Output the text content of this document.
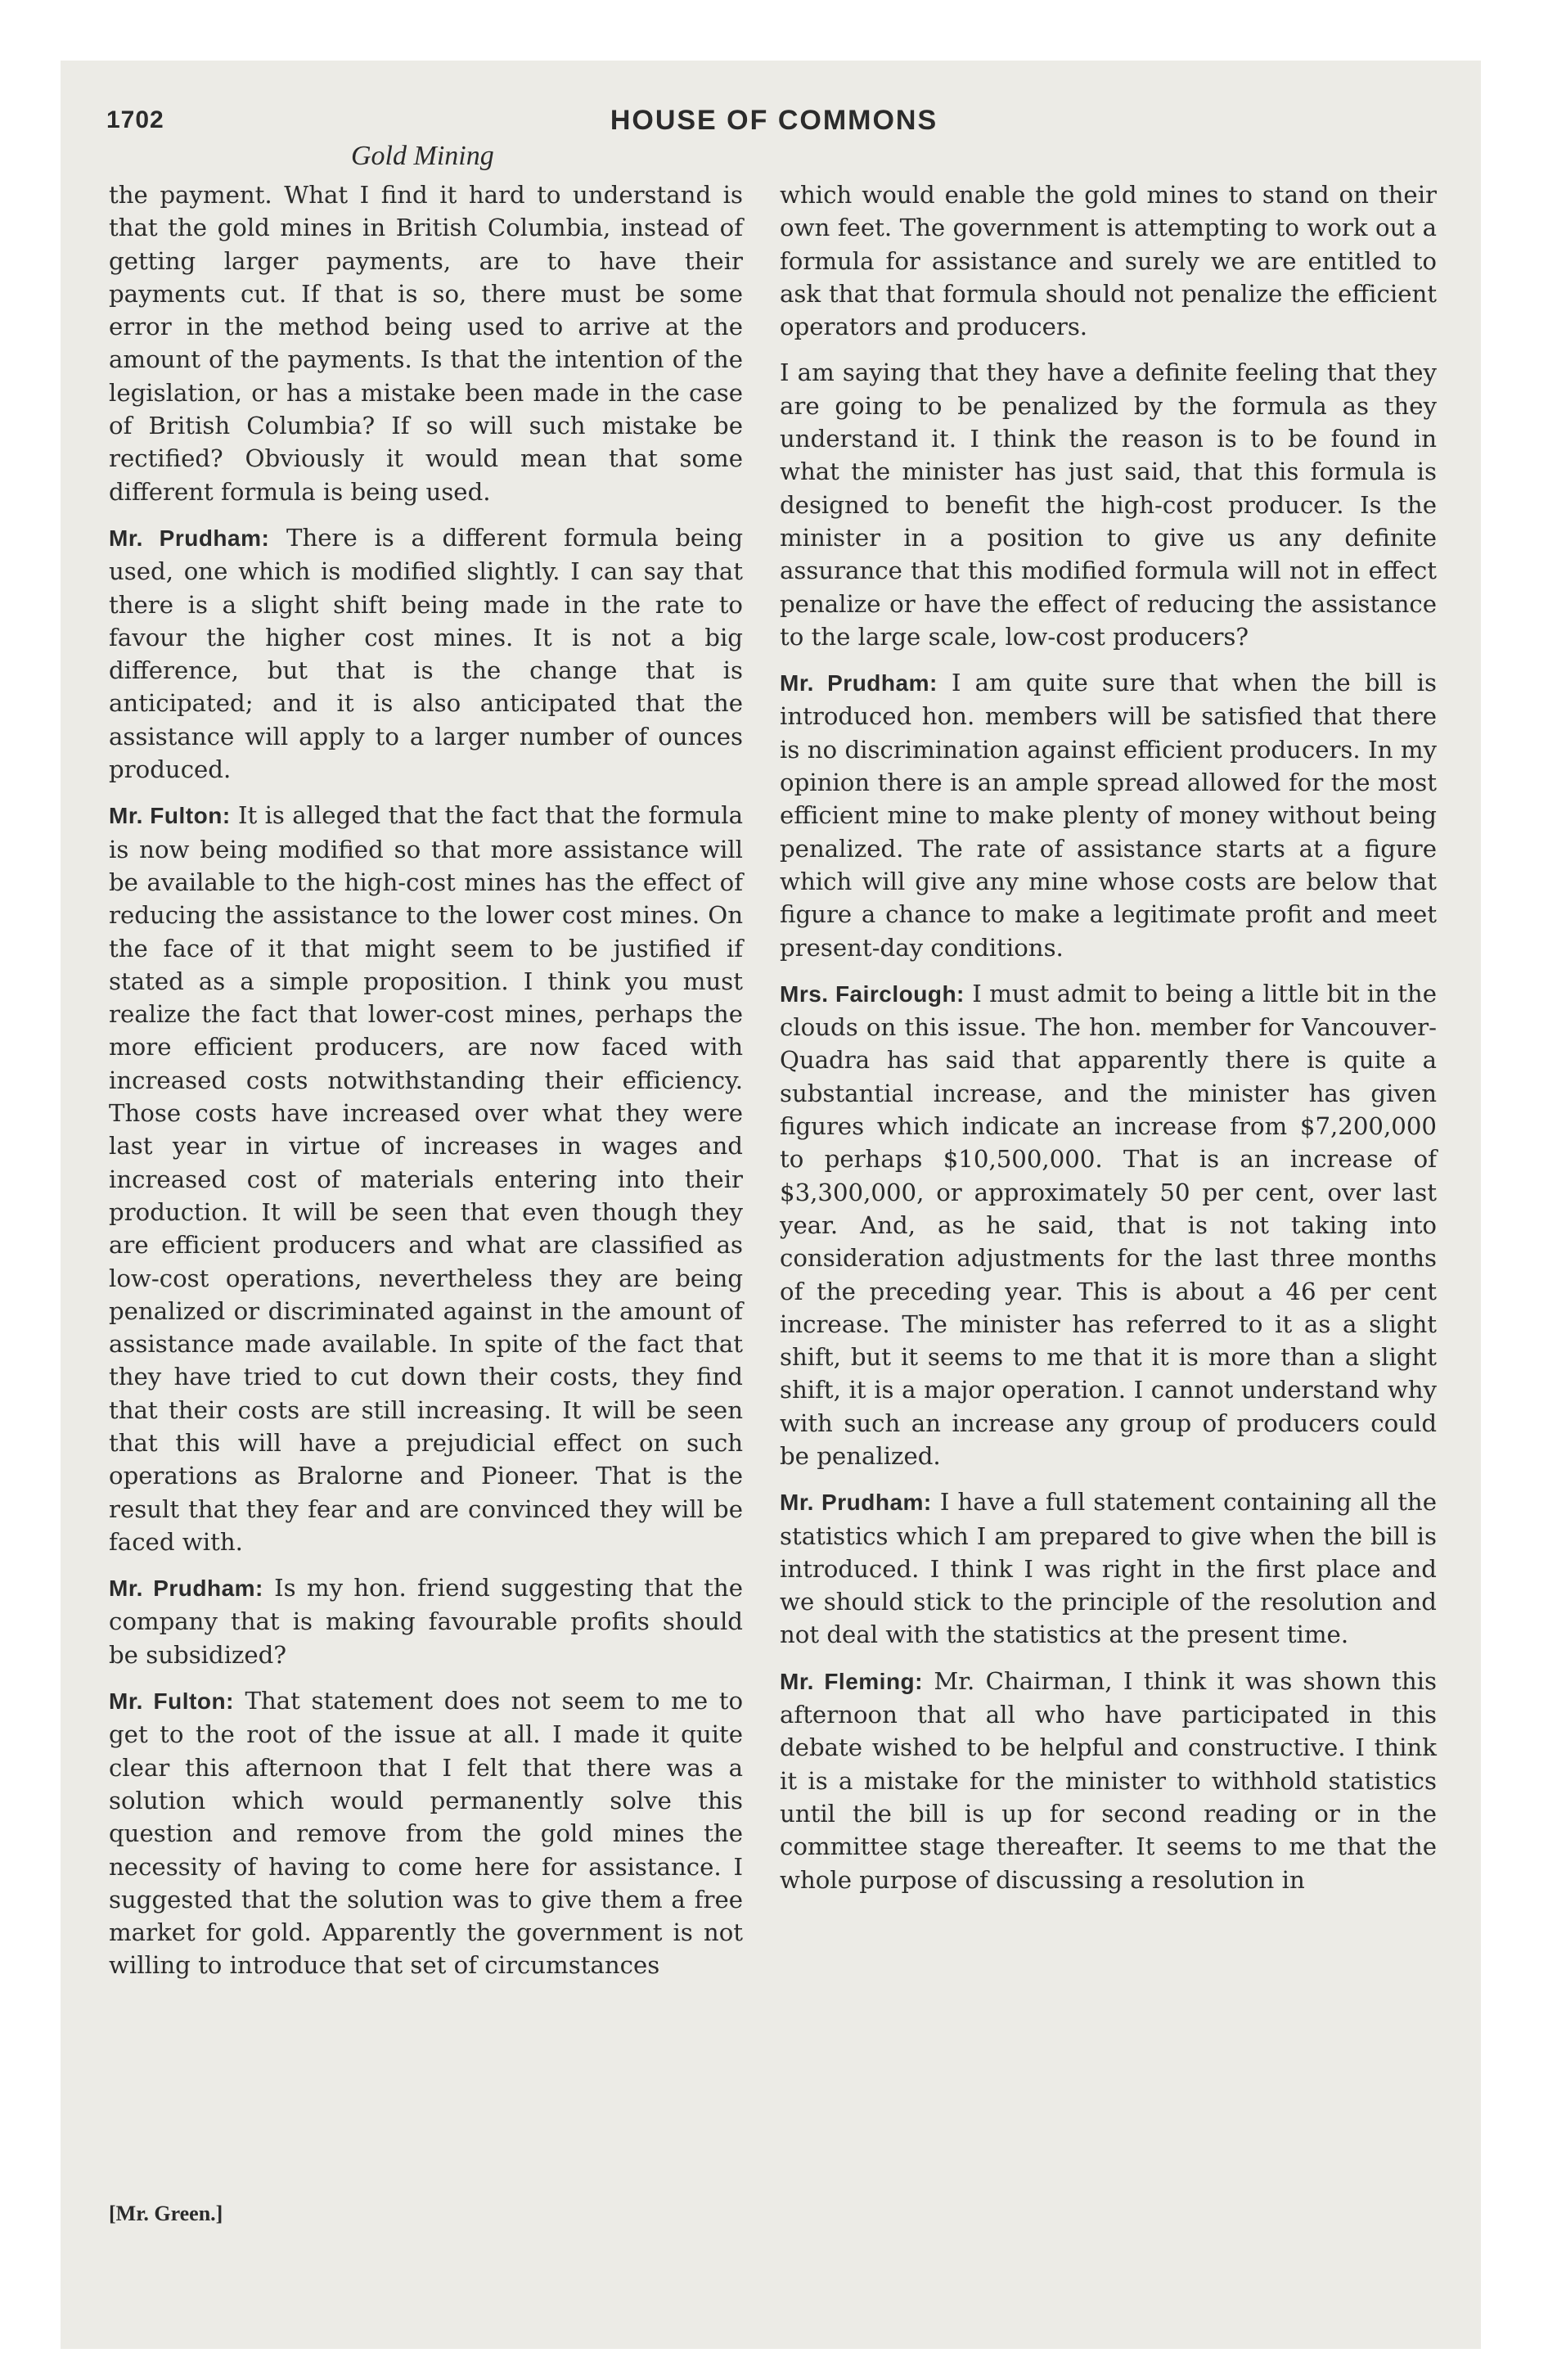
1702	HOUSE OF COMMONS
Gold Mining

the payment. What I find it hard to understand is that the gold mines in British Columbia, instead of getting larger payments, are to have their payments cut. If that is so, there must be some error in the method being used to arrive at the amount of the payments. Is that the intention of the legislation, or has a mistake been made in the case of British Columbia? If so will such mistake be rectified? Obviously it would mean that some different formula is being used.

Mr. Prudham: There is a different formula being used, one which is modified slightly. I can say that there is a slight shift being made in the rate to favour the higher cost mines. It is not a big difference, but that is the change that is anticipated; and it is also anticipated that the assistance will apply to a larger number of ounces produced.

Mr. Fulton: It is alleged that the fact that the formula is now being modified so that more assistance will be available to the high-cost mines has the effect of reducing the assistance to the lower cost mines. On the face of it that might seem to be justified if stated as a simple proposition. I think you must realize the fact that lower-cost mines, perhaps the more efficient producers, are now faced with increased costs notwithstanding their efficiency. Those costs have increased over what they were last year in virtue of increases in wages and increased cost of materials entering into their production. It will be seen that even though they are efficient producers and what are classified as low-cost operations, nevertheless they are being penalized or discriminated against in the amount of assistance made available. In spite of the fact that they have tried to cut down their costs, they find that their costs are still increasing. It will be seen that this will have a prejudicial effect on such operations as Bralorne and Pioneer. That is the result that they fear and are convinced they will be faced with.

Mr. Prudham: Is my hon. friend suggesting that the company that is making favourable profits should be subsidized?

Mr. Fulton: That statement does not seem to me to get to the root of the issue at all. I made it quite clear this afternoon that I felt that there was a solution which would permanently solve this question and remove from the gold mines the necessity of having to come here for assistance. I suggested that the solution was to give them a free market for gold. Apparently the government is not willing to introduce that set of circumstances

which would enable the gold mines to stand on their own feet. The government is attempting to work out a formula for assistance and surely we are entitled to ask that that formula should not penalize the efficient operators and producers.

I am saying that they have a definite feeling that they are going to be penalized by the formula as they understand it. I think the reason is to be found in what the minister has just said, that this formula is designed to benefit the high-cost producer. Is the minister in a position to give us any definite assurance that this modified formula will not in effect penalize or have the effect of reducing the assistance to the large scale, low-cost producers?

Mr. Prudham: I am quite sure that when the bill is introduced hon. members will be satisfied that there is no discrimination against efficient producers. In my opinion there is an ample spread allowed for the most efficient mine to make plenty of money without being penalized. The rate of assistance starts at a figure which will give any mine whose costs are below that figure a chance to make a legitimate profit and meet present-day conditions.

Mrs. Fairclough: I must admit to being a little bit in the clouds on this issue. The hon. member for Vancouver-Quadra has said that apparently there is quite a substantial increase, and the minister has given figures which indicate an increase from $7,200,000 to perhaps $10,500,000. That is an increase of $3,300,000, or approximately 50 per cent, over last year. And, as he said, that is not taking into consideration adjustments for the last three months of the preceding year. This is about a 46 per cent increase. The minister has referred to it as a slight shift, but it seems to me that it is more than a slight shift, it is a major operation. I cannot understand why with such an increase any group of producers could be penalized.

Mr. Prudham: I have a full statement containing all the statistics which I am prepared to give when the bill is introduced. I think I was right in the first place and we should stick to the principle of the resolution and not deal with the statistics at the present time.

Mr. Fleming: Mr. Chairman, I think it was shown this afternoon that all who have participated in this debate wished to be helpful and constructive. I think it is a mistake for the minister to withhold statistics until the bill is up for second reading or in the committee stage thereafter. It seems to me that the whole purpose of discussing a resolution in

[Mr. Green.]
